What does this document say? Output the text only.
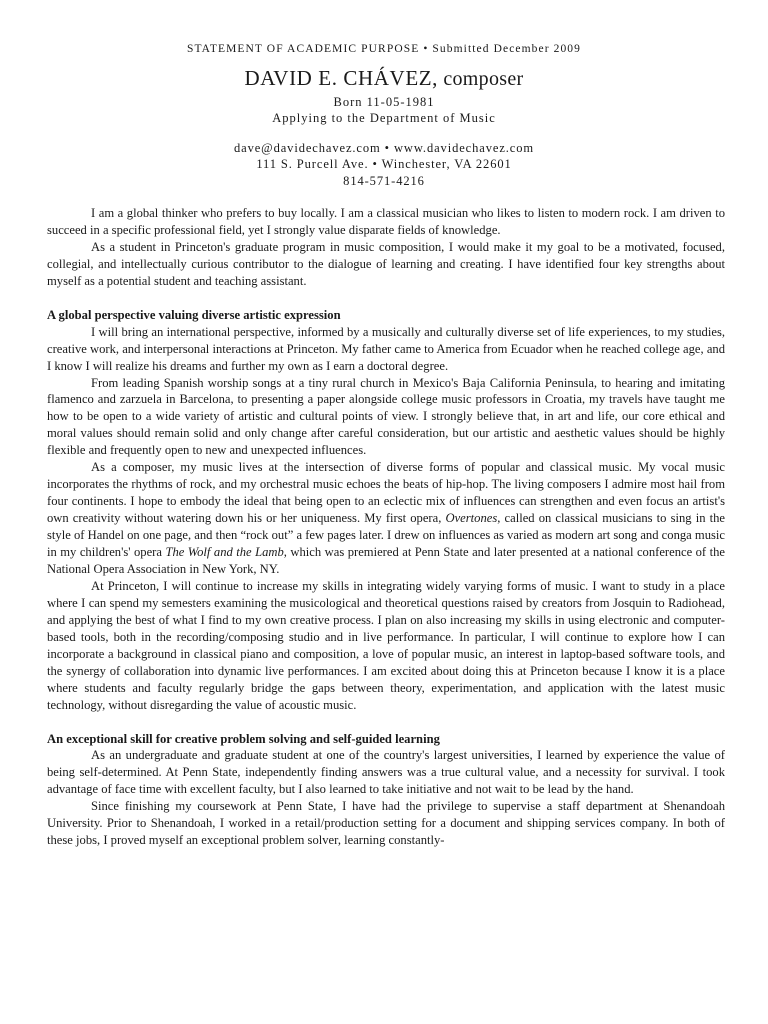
STATEMENT OF ACADEMIC PURPOSE • Submitted December 2009
DAVID E. CHÁVEZ, composer
Born 11-05-1981
Applying to the Department of Music
dave@davidechavez.com • www.davidechavez.com
111 S. Purcell Ave. • Winchester, VA 22601
814-571-4216

I am a global thinker who prefers to buy locally. I am a classical musician who likes to listen to modern rock. I am driven to succeed in a specific professional field, yet I strongly value disparate fields of knowledge.

As a student in Princeton's graduate program in music composition, I would make it my goal to be a motivated, focused, collegial, and intellectually curious contributor to the dialogue of learning and creating. I have identified four key strengths about myself as a potential student and teaching assistant.

A global perspective valuing diverse artistic expression

I will bring an international perspective, informed by a musically and culturally diverse set of life experiences, to my studies, creative work, and interpersonal interactions at Princeton. My father came to America from Ecuador when he reached college age, and I know I will realize his dreams and further my own as I earn a doctoral degree.

From leading Spanish worship songs at a tiny rural church in Mexico's Baja California Peninsula, to hearing and imitating flamenco and zarzuela in Barcelona, to presenting a paper alongside college music professors in Croatia, my travels have taught me how to be open to a wide variety of artistic and cultural points of view. I strongly believe that, in art and life, our core ethical and moral values should remain solid and only change after careful consideration, but our artistic and aesthetic values should be highly flexible and frequently open to new and unexpected influences.

As a composer, my music lives at the intersection of diverse forms of popular and classical music. My vocal music incorporates the rhythms of rock, and my orchestral music echoes the beats of hip-hop. The living composers I admire most hail from four continents. I hope to embody the ideal that being open to an eclectic mix of influences can strengthen and even focus an artist's own creativity without watering down his or her uniqueness. My first opera, Overtones, called on classical musicians to sing in the style of Handel on one page, and then “rock out” a few pages later. I drew on influences as varied as modern art song and conga music in my children's' opera The Wolf and the Lamb, which was premiered at Penn State and later presented at a national conference of the National Opera Association in New York, NY.

At Princeton, I will continue to increase my skills in integrating widely varying forms of music. I want to study in a place where I can spend my semesters examining the musicological and theoretical questions raised by creators from Josquin to Radiohead, and applying the best of what I find to my own creative process. I plan on also increasing my skills in using electronic and computer-based tools, both in the recording/composing studio and in live performance. In particular, I will continue to explore how I can incorporate a background in classical piano and composition, a love of popular music, an interest in laptop-based software tools, and the synergy of collaboration into dynamic live performances. I am excited about doing this at Princeton because I know it is a place where students and faculty regularly bridge the gaps between theory, experimentation, and application with the latest music technology, without disregarding the value of acoustic music.

An exceptional skill for creative problem solving and self-guided learning

As an undergraduate and graduate student at one of the country's largest universities, I learned by experience the value of being self-determined. At Penn State, independently finding answers was a true cultural value, and a necessity for survival. I took advantage of face time with excellent faculty, but I also learned to take initiative and not wait to be lead by the hand.

Since finishing my coursework at Penn State, I have had the privilege to supervise a staff department at Shenandoah University. Prior to Shenandoah, I worked in a retail/production setting for a document and shipping services company. In both of these jobs, I proved myself an exceptional problem solver, learning constantly-
